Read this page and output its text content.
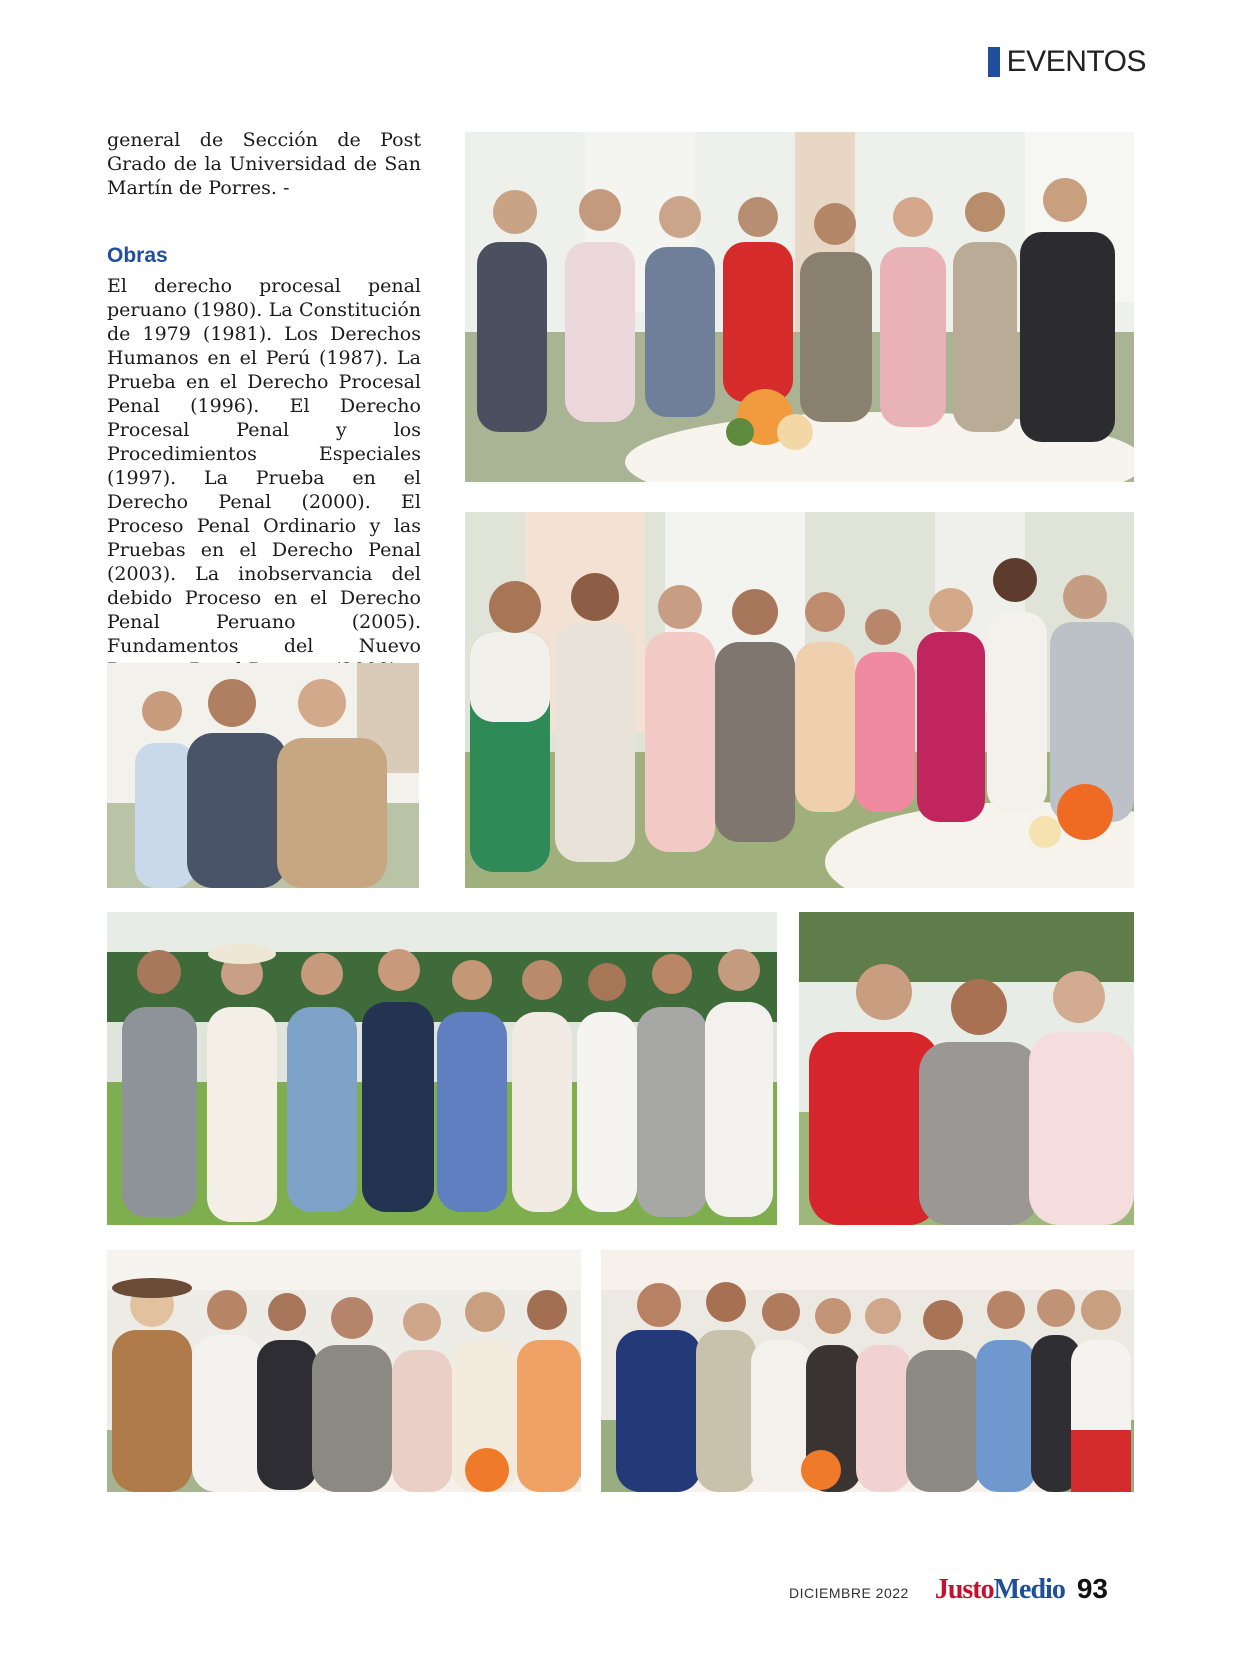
EVENTOS

general de Sección de Post Grado de la Universidad de San Martín de Porres. -

Obras

El derecho procesal penal peruano (1980). La Constitución de 1979 (1981). Los Derechos Humanos en el Perú (1987). La Prueba en el Derecho Procesal Penal (1996). El Derecho Procesal Penal y los Procedimientos Especiales (1997). La Prueba en el Derecho Penal (2000). El Proceso Penal Ordinario y las Pruebas en el Derecho Penal (2003). La inobservancia del debido Proceso en el Derecho Penal Peruano (2005). Fundamentos del Nuevo

DICIEMBRE 2022 JustoMedio 93
